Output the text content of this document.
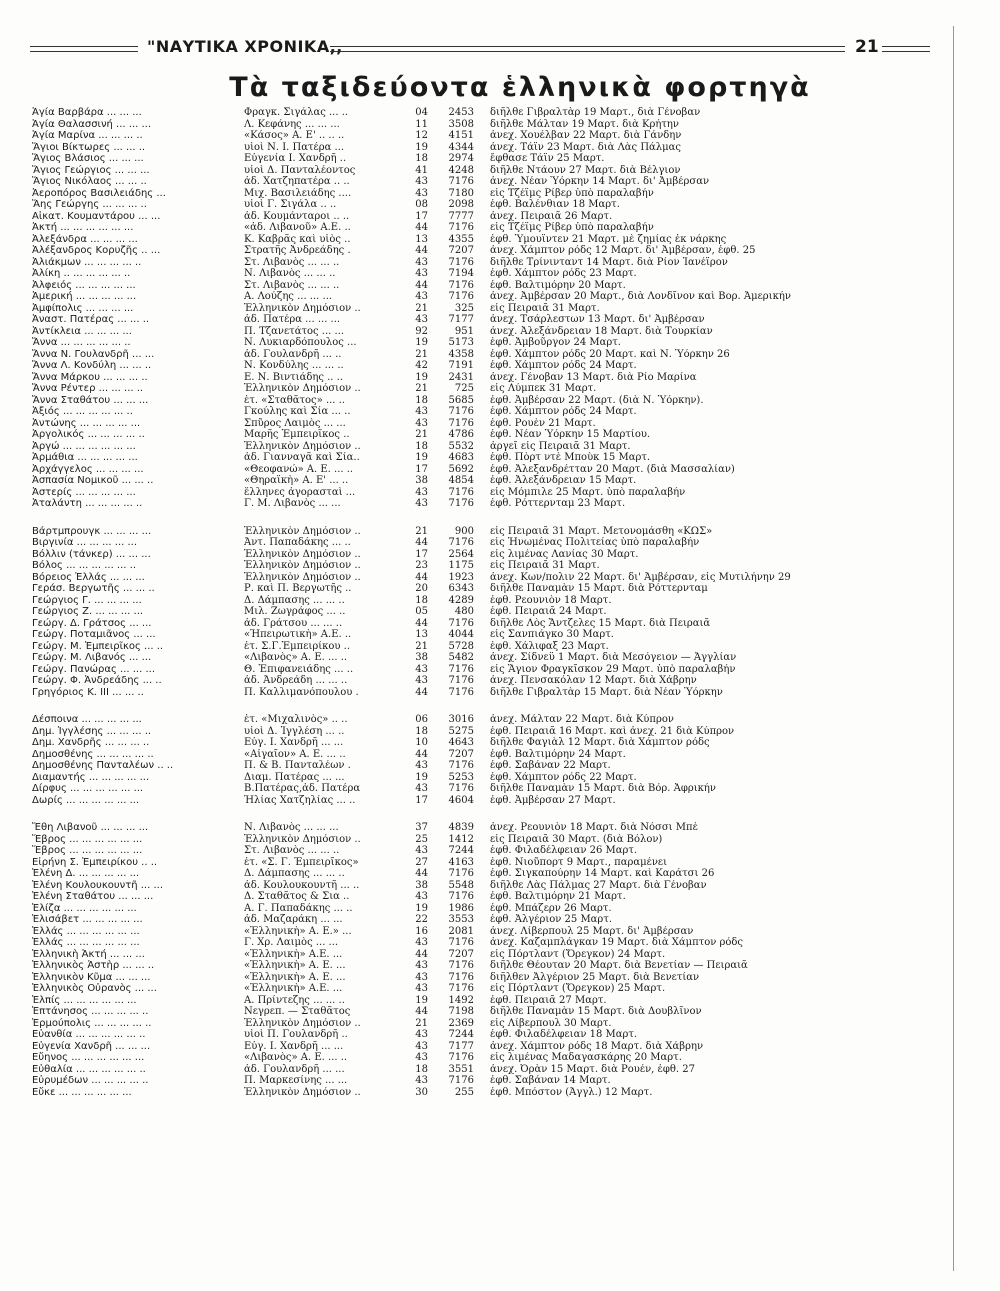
"ΝΑΥΤΙΚΑ ΧΡΟΝΙΚΑ,,	21
Τὰ ταξιδεύοντα ἑλληνικὰ φορτηγὰ
Ἁγία Βαρβάρα ... ... ...	Φραγκ. Σιγάλας ... ..	04	2453 διῆλθε Γιβραλτὰρ 19 Μαρτ., διὰ Γένοβαν
Ἁγία Θαλασσινή ... ... ...	Λ. Κεφάνης ... ... ...	11	3508 διῆλθε Μάλταν 19 Μαρτ. διὰ Κρήτην
Ἁγία Μαρίνα ... ... ... ..	«Κάσος» Α. Ε' .. .. ..	12	4151 ἀνεχ. Χουέλβαν 22 Μαρτ. διὰ Γάνδην
Ἅγιοι Βίκτωρες ... ... ..	υἱοὶ Ν. Ι. Πατέρα ...	19	4344 ἀνεχ. Τάϊν 23 Μαρτ. διὰ Λὰς Πάλμας
Ἅγιος Βλάσιος ... ... ...	Εὐγενία Ι. Χανδρῆ ..	18	2974 ἔφθασε Τάϊν 25 Μαρτ.
Ἅγιος Γεώργιος ... ... ...	υἱοὶ Δ. Πανταλέοντος	41	4248 διῆλθε Ντάουν 27 Μαρτ. διὰ Βέλγιον
Ἅγιος Νικόλαος ... ... ..	ἀδ. Χατζηπατέρα .. ..	43	7176 ἀνεχ. Νέαν Ὑόρκην 14 Μαρτ. δι' Ἀμβέρσαν
Ἀεροπόρος Βασιλειάδης ...	Μιχ. Βασιλειάδης ....	43	7180 εἰς Τζέϊμς Ρίβερ ὑπὸ παραλαβήν
Ἅης Γεώργης ... ... ... ..	υἱοὶ Γ. Σιγάλα .. ..	08	2098 ἐφθ. Βαλένθιαν 18 Μαρτ.
Αἰκατ. Κουμαντάρου ... ...	ἀδ. Κουμάνταροι .. ..	17	7777 ἀνεχ. Πειραιᾶ 26 Μαρτ.
Ἀκτή ... ... ... ... ... ...	«ἀδ. Λιβανοῦ» Α.Ε. ..	44	7176 εἰς Τζέϊμς Ρίβερ ὑπὸ παραλαβήν
Ἀλεξάνδρα ... ... ... ...	Κ. Καβρᾶς καὶ υἱὸς ..	13	4355 ἐφθ. Ὑμουΐντεν 21 Μαρτ. μὲ ζημίας ἐκ νάρκης
Ἀλέξανδρος Κορυζῆς .. ...	Στρατῆς Ἀνδρεάδης .	44	7207 ἀνεχ. Χάμπτον ρόδς 12 Μαρτ. δι' Ἀμβέρσαν, ἐφθ. 25
Ἀλιάκμων ... ... ... ... ..	Στ. Λιβανὸς ... ... ..	43	7176 διῆλθε Τρίνινταντ 14 Μαρτ. διὰ Ρίον Ἰανέϊρον
Ἀλίκη .. ... ... ... ... ..	Ν. Λιβανὸς ... ... ..	43	7194 ἐφθ. Χάμπτον ρόδς 23 Μαρτ.
Ἀλφειός ... ... ... ... ...	Στ. Λιβανὸς ... ... ..	44	7176 ἐφθ. Βαλτιμόρην 20 Μαρτ.
Ἀμερική ... ... ... ... ...	Α. Λούζης ... ... ...	43	7176 ἀνεχ. Ἀμβέρσαν 20 Μαρτ., διὰ Λονδῖνον καὶ Βορ. Ἀμερικήν
Ἀμφίπολις ... ... ... ...	Ἑλληνικὸν Δημόσιον ..	21	325 εἰς Πειραιᾶ 31 Μαρτ.
Ἀναστ. Πατέρας ... ... ..	ἀδ. Πατέρα ... ... ...	43	7177 ἀνεχ. Τσάρλεστων 13 Μαρτ. δι' Ἀμβέρσαν
Ἀντίκλεια ... ... ... ...	Π. Τζανετάτος ... ...	92	951 ἀνεχ. Ἀλεξάνδρειαν 18 Μαρτ. διὰ Τουρκίαν
Ἄννα ... ... ... ... ... ..	Ν. Λυκιαρδόπουλος ...	19	5173 ἐφθ. Ἀμβοῦργον 24 Μαρτ.
Ἄννα Ν. Γουλανδρῆ ... ...	ἀδ. Γουλανδρῆ ... ..	21	4358 ἐφθ. Χάμπτον ρόδς 20 Μαρτ. καὶ Ν. Ὑόρκην 26
Ἄννα Λ. Κονδύλη ... ... ..	Ν. Κονδύλης ... ... ..	42	7191 ἐφθ. Χάμπτον ρόδς 24 Μαρτ.
Ἄννα Μάρκου ... ... ... ..	Ε. Ν. Βιντιάδης .. ..	19	2431 ἀνεχ. Γένοβαν 13 Μαρτ. διὰ Ρίο Μαρίνα
Ἄννα Ρέντερ ... ... ... ..	Ἑλληνικὸν Δημόσιον ..	21	725 εἰς Λύμπεκ 31 Μαρτ.
Ἄννα Σταθάτου ... ... ...	ἑτ. «Σταθᾶτος» ... ..	18	5685 ἐφθ. Ἀμβέρσαν 22 Μαρτ. (διὰ Ν. Ὑόρκην).
Ἀξιός ... ... ... ... ... ..	Γκούλης καὶ Σία ... ..	43	7176 ἐφθ. Χάμπτον ρόδς 24 Μαρτ.
Ἀντώνης ... ... ... ... ...	Σπῦρος Λαιμὸς ... ...	43	7176 ἐφθ. Ρουὲν 21 Μαρτ.
Ἀργολικός ... ... ... ... ..	Μαρῆς Ἐμπειρῖκος ..	21	4786 ἐφθ. Νέαν Ὑόρκην 15 Μαρτίου.
Ἀργώ ... ... ... ... ... ...	Ἑλληνικὸν Δημόσιον ..	18	5532 ἀργεῖ εἰς Πειραιᾶ 31 Μαρτ.
Ἁρμάθια ... ... ... ... ...	ἀδ. Γιανναγᾶ καὶ Σία..	19	4683 ἐφθ. Πὸρτ ντὲ Μποὺκ 15 Μαρτ.
Ἀρχάγγελος ... ... ... ...	«Θεοφανώ» Α. Ε. ... ..	17	5692 ἐφθ. Ἀλεξανδρέτταν 20 Μαρτ. (διὰ Μασσαλίαν)
Ἀσπασία Νομικοῦ ... ... ..	«Θηραϊκὴ» Α. Ε' ... ..	38	4854 ἐφθ. Ἀλεξάνδρειαν 15 Μαρτ.
Ἀστερίς ... ... ... ... ...	ἕλληνες ἀγορασταὶ ...	43	7176 εἰς Μόμπιλε 25 Μαρτ. ὑπὸ παραλαβήν
Ἀταλάντη ... ... ... ... ..	Γ. Μ. Λιβανὸς ... ...	43	7176 ἐφθ. Ρόττερνταμ 23 Μαρτ.
Βάρτμπρουγκ ... ... ... ...	Ἑλληνικὸν Δημόσιον ..	21	900 εἰς Πειραιᾶ 31 Μαρτ. Μετονομάσθη «ΚΩΣ»
Βιργινία ... ... ... ... ...	Ἀντ. Παπαδάκης ... ..	44	7176 εἰς Ἡνωμένας Πολιτείας ὑπὸ παραλαβήν
Βόλλιν (τάνκερ) ... ... ...	Ἑλληνικὸν Δημόσιον ..	17	2564 εἰς λιμένας Λανίας 30 Μαρτ.
Βόλος ... ... ... ... ... ..	Ἑλληνικὸν Δημόσιον ..	23	1175 εἰς Πειραιᾶ 31 Μαρτ.
Βόρειος Ἑλλάς ... ... ...	Ἑλληνικὸν Δημόσιον ..	44	1923 ἀνεχ. Κων/πολιν 22 Μαρτ. δι' Ἀμβέρσαν, εἰς Μυτιλήνην 29
Γεράσ. Βεργωτῆς ... ... ..	Ρ. καὶ Π. Βεργωτῆς ..	20	6343 διῆλθε Παναμὰν 15 Μαρτ. διὰ Ρόττερνταμ
Γεώργιος Γ. ... ... ... ...	Δ. Δάμπασης ... ... ..	18	4289 ἐφθ. Ρεουνιὸν 18 Μαρτ.
Γεώργιος Ζ. ... ... ... ...	Μιλ. Ζωγράφος ... ..	05	480 ἐφθ. Πειραιᾶ 24 Μαρτ.
Γεώργ. Δ. Γράτσος ... ...	ἀδ. Γράτσου ... ... ..	44	7176 διῆλθε Λὸς Ἄντζελες 15 Μαρτ. διὰ Πειραιᾶ
Γεώργ. Ποταμιᾶνος ... ...	«Ἠπειρωτικὴ» Α.Ε. ..	13	4044 εἰς Σανπιάγκο 30 Μαρτ.
Γεώργ. Μ. Ἐμπειρῖκος ... ..	ἑτ. Σ.Γ.Ἐμπειρίκου ..	21	5728 ἐφθ. Χάλιφαξ 23 Μαρτ.
Γεώργ. Μ. Λιβανός ... ...	«Λιβανὸς» Α. Ε. ... ..	38	5482 ἀνεχ. Σίδνεϋ 1 Μαρτ. διὰ Μεσόγειον — Ἀγγλίαν
Γεώργ. Πανώρας ... ... ...	Θ. Ἐπιφανειάδης ... ..	43	7176 εἰς Ἅγιον Φραγκῖσκον 29 Μαρτ. ὑπὸ παραλαβήν
Γεώργ. Φ. Ἀνδρεάδης ... ..	ἀδ. Ἀνδρεάδη ... ... ..	43	7176 ἀνεχ. Πενσακόλαν 12 Μαρτ. διὰ Χάβρην
Γρηγόριος Κ. III ... ... ..	Π. Καλλιμανόπουλου .	44	7176 διῆλθε Γιβραλτὰρ 15 Μαρτ. διὰ Νέαν Ὑόρκην
Δέσποινα ... ... ... ... ...	ἑτ. «Μιχαλινὸς» .. ..	06	3016 ἀνεχ. Μάλταν 22 Μαρτ. διὰ Κύπρον
Δημ. Ἰγγλέσης ... ... ... ..	υἱοὶ Δ. Ἰγγλέση ... ..	18	5275 ἐφθ. Πειραιᾶ 16 Μαρτ. καὶ ἀνεχ. 21 διὰ Κύπρον
Δημ. Χανδρῆς ... ... ... ..	Εὐγ. Ι. Χανδρῆ ... ...	10	4643 διῆλθε Φαγιὰλ 12 Μαρτ. διὰ Χάμπτον ρόδς
Δημοσθένης ... ... ... ... ..	«Αἰγαῖον» Α. Ε. ... ..	44	7207 ἐφθ. Βαλτιμόρην 24 Μαρτ.
Δημοσθένης Πανταλέων .. ..	Π. & Β. Πανταλέων .	43	7176 ἐφθ. Σαβάναν 22 Μαρτ.
Διαμαντής ... ... ... ... ...	Διαμ. Πατέρας ... ...	19	5253 ἐφθ. Χάμπτον ρόδς 22 Μαρτ.
Δίρφυς ... ... ... ... ... ...	Β.Πατέρας,ἀδ. Πατέρα	43	7176 διῆλθε Παναμὰν 15 Μαρτ. διὰ Βόρ. Ἀφρικήν
Δωρίς ... ... ... ... ... ...	Ἠλίας Χατζηλίας ... ..	17	4604 ἐφθ. Ἀμβέρσαν 27 Μαρτ.
Ἔθη Λιβανοῦ ... ... ... ...	Ν. Λιβανὸς ... ... ...	37	4839 ἀνεχ. Ρεουνιὸν 18 Μαρτ. διὰ Νόσσι Μπὲ
Ἕβρος ... ... ... ... ... ...	Ἑλληνικὸν Δημόσιον ..	25	1412 εἰς Πειραιᾶ 30 Μαρτ. (διὰ Βόλον)
Ἕβρος ... ... ... ... ... ...	Στ. Λιβανὸς ... ... ..	43	7244 ἐφθ. Φιλαδέλφειαν 26 Μαρτ.
Εἰρήνη Σ. Ἐμπειρίκου .. ..	ἑτ. «Σ. Γ. Ἐμπειρῖκος»	27	4163 ἐφθ. Νιοῦπορτ 9 Μαρτ., παραμένει
Ἑλένη Δ. ... ... ... ... ...	Δ. Δάμπασης ... ... ..	44	7176 ἐφθ. Σιγκαπούρην 14 Μαρτ. καὶ Καράτσι 26
Ἑλένη Κουλουκουντῆ ... ...	ἀδ. Κουλουκουντῆ ... ..	38	5548 διῆλθε Λὰς Πάλμας 27 Μαρτ. διὰ Γένοβαν
Ἑλένη Σταθάτου ... ... ...	Δ. Σταθᾶτος & Σια ..	43	7176 ἐφθ. Βαλτιμόρην 21 Μαρτ.
Ἐλίζα ... ... ... ... ... ...	Α. Γ. Παπαδάκης ... ..	19	1986 ἐφθ. Μπάζερν 26 Μαρτ.
Ἐλισάβετ ... ... ... ... ...	ἀδ. Μαζαράκη ... ...	22	3553 ἐφθ. Ἀλγέριον 25 Μαρτ.
Ἑλλάς ... ... ... ... ... ...	«Ἑλληνικὴ» Α. Ε.» ...	16	2081 ἀνεχ. Λίβερπουλ 25 Μαρτ. δι' Ἀμβέρσαν
Ἑλλάς ... ... ... ... ... ...	Γ. Χρ. Λαιμὸς ... ...	43	7176 ἀνεχ. Καζαμπλάγκαν 19 Μαρτ. διὰ Χάμπτον ρόδς
Ἑλληνικὴ Ἀκτή ... ... ...	«Ἑλληνικὴ» Α.Ε. ...	44	7207 εἰς Πόρτλαντ (Ὄρεγκον) 24 Μαρτ.
Ἑλληνικὸς Ἀστὴρ ... ... ..	«Ἑλληνικὴ» Α. Ε. ...	43	7176 διῆλθε Θέουταν 20 Μαρτ. διὰ Βενετίαν — Πειραιᾶ
Ἑλληνικὸν Κῦμα ... ... ...	«Ἑλληνικὴ» Α. Ε. ...	43	7176 διῆλθεν Ἀλγέριον 25 Μαρτ. διὰ Βενετίαν
Ἑλληνικὸς Οὐρανὸς ... ...	«Ἑλληνικὴ» Α.Ε. ...	43	7176 εἰς Πόρτλαντ (Ὄρεγκον) 25 Μαρτ.
Ἐλπίς ... ... ... ... ... ...	Α. Πρίντεζης ... ... ..	19	1492 ἐφθ. Πειραιᾶ 27 Μαρτ.
Ἐπτάνησος ... ... ... ... ..	Νεγρεπ. — Σταθᾶτος	44	7198 διῆλθε Παναμὰν 15 Μαρτ. διὰ Δουβλῖνον
Ἑρμούπολις ... ... ... ... ..	Ἑλληνικὸν Δημόσιον ..	21	2369 εἰς Λίβερπουλ 30 Μαρτ.
Εὐανθία ... ... ... ... ... ..	υἱοὶ Π. Γουλανδρῆ ..	43	7244 ἐφθ. Φιλαδέλφειαν 18 Μαρτ.
Εὐγενία Χανδρῆ ... ... ...	Εὐγ. Ι. Χανδρῆ ... ...	43	7177 ἀνεχ. Χάμπτον ρόδς 18 Μαρτ. διὰ Χάβρην
Εὔηνος ... ... ... ... ... ...	«Λιβανὸς» Α. Ε. ... ..	43	7176 εἰς λιμένας Μαδαγασκάρης 20 Μαρτ.
Εὐθαλία ... ... ... ... ... ..	ἀδ. Γουλανδρῆ ... ...	18	3551 ἀνεχ. Ὀρὰν 15 Μαρτ. διὰ Ρουέν, ἐφθ. 27
Εὐρυμέδων ... ... ... ... ..	Π. Μαρκεσίνης ... ...	43	7176 ἐφθ. Σαβάναν 14 Μαρτ.
Εὔκε ... ... ... ... ... ...	Ἑλληνικὸν Δημόσιον ..	30	255 ἐφθ. Μπόστον (Ἀγγλ.) 12 Μαρτ.
